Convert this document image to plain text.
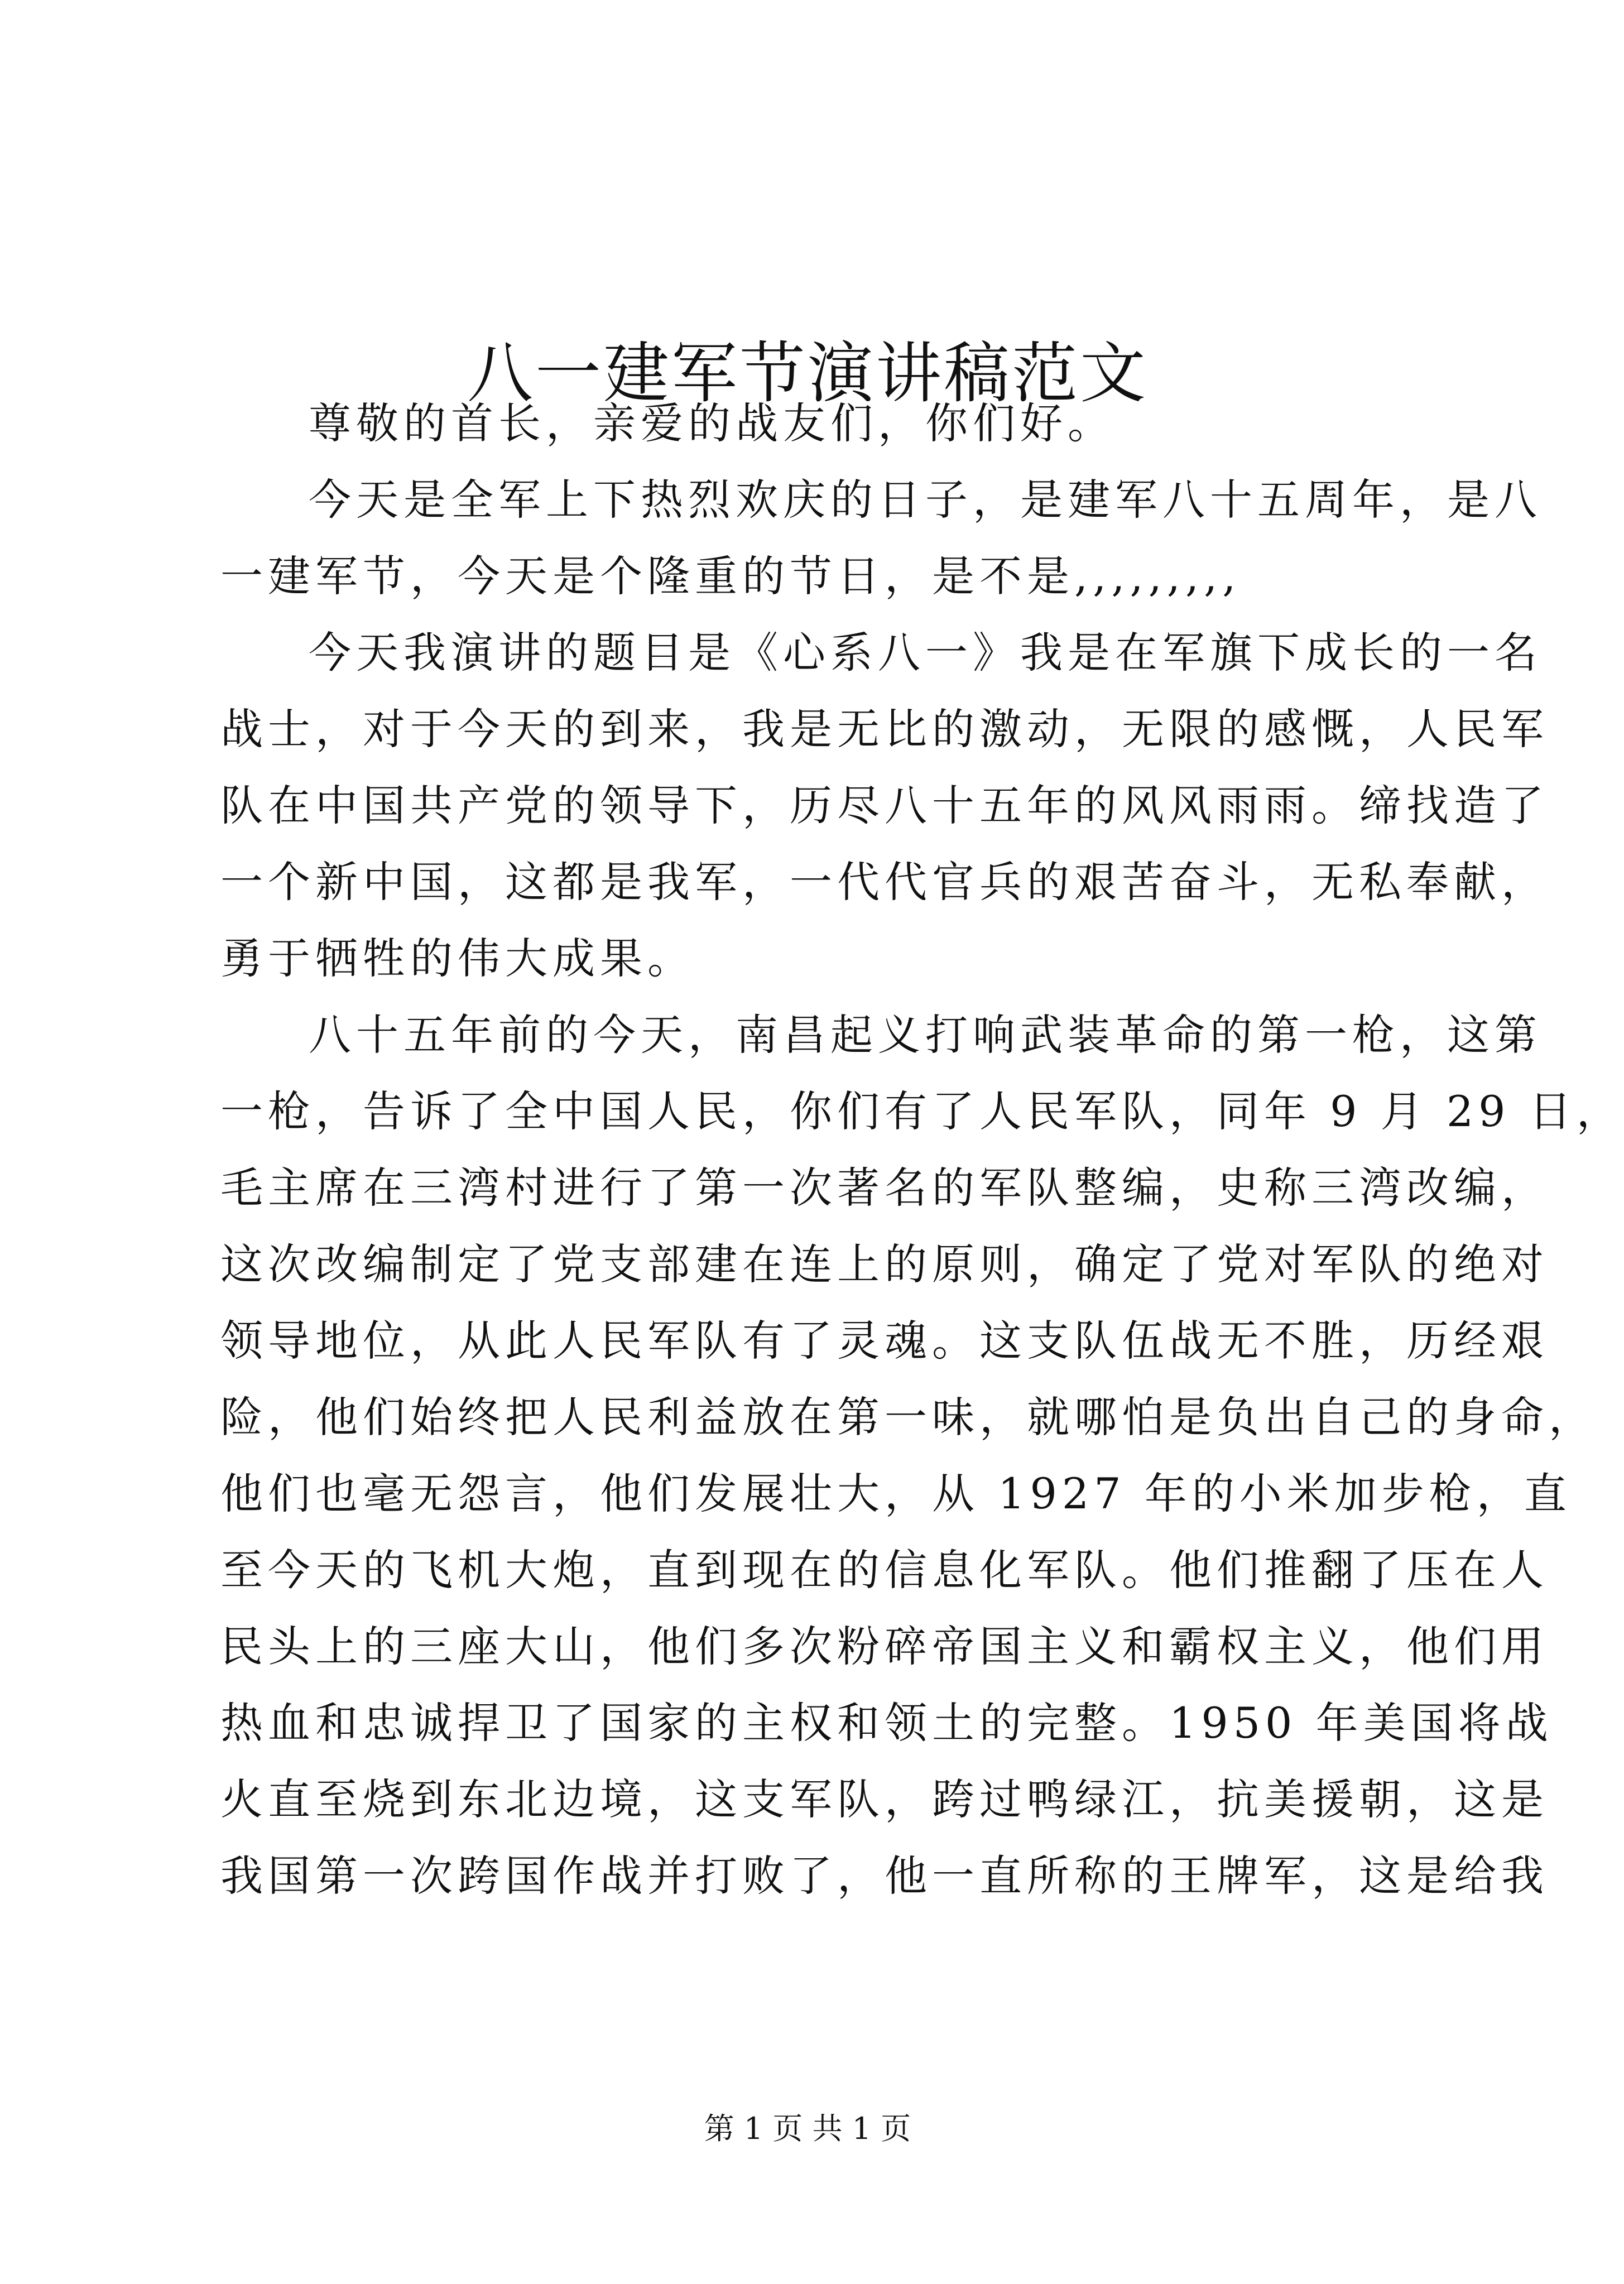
八一建军节演讲稿范文
尊敬的首长，亲爱的战友们，你们好。
今天是全军上下热烈欢庆的日子，是建军八十五周年，是八
一建军节，今天是个隆重的节日，是不是,,,,,,,,,
今天我演讲的题目是《心系八一》我是在军旗下成长的一名
战士，对于今天的到来，我是无比的激动，无限的感慨，人民军
队在中国共产党的领导下，历尽八十五年的风风雨雨。缔找造了
一个新中国，这都是我军，一代代官兵的艰苦奋斗，无私奉献，
勇于牺牲的伟大成果。
八十五年前的今天，南昌起义打响武装革命的第一枪，这第
一枪，告诉了全中国人民，你们有了人民军队，同年 9 月 29 日，
毛主席在三湾村进行了第一次著名的军队整编，史称三湾改编，
这次改编制定了党支部建在连上的原则，确定了党对军队的绝对
领导地位，从此人民军队有了灵魂。这支队伍战无不胜，历经艰
险，他们始终把人民利益放在第一味，就哪怕是负出自己的身命，
他们也毫无怨言，他们发展壮大，从 1927 年的小米加步枪，直
至今天的飞机大炮，直到现在的信息化军队。他们推翻了压在人
民头上的三座大山，他们多次粉碎帝国主义和霸权主义，他们用
热血和忠诚捍卫了国家的主权和领土的完整。1950 年美国将战
火直至烧到东北边境，这支军队，跨过鸭绿江，抗美援朝，这是
我国第一次跨国作战并打败了，他一直所称的王牌军，这是给我
第 1 页 共 1 页
